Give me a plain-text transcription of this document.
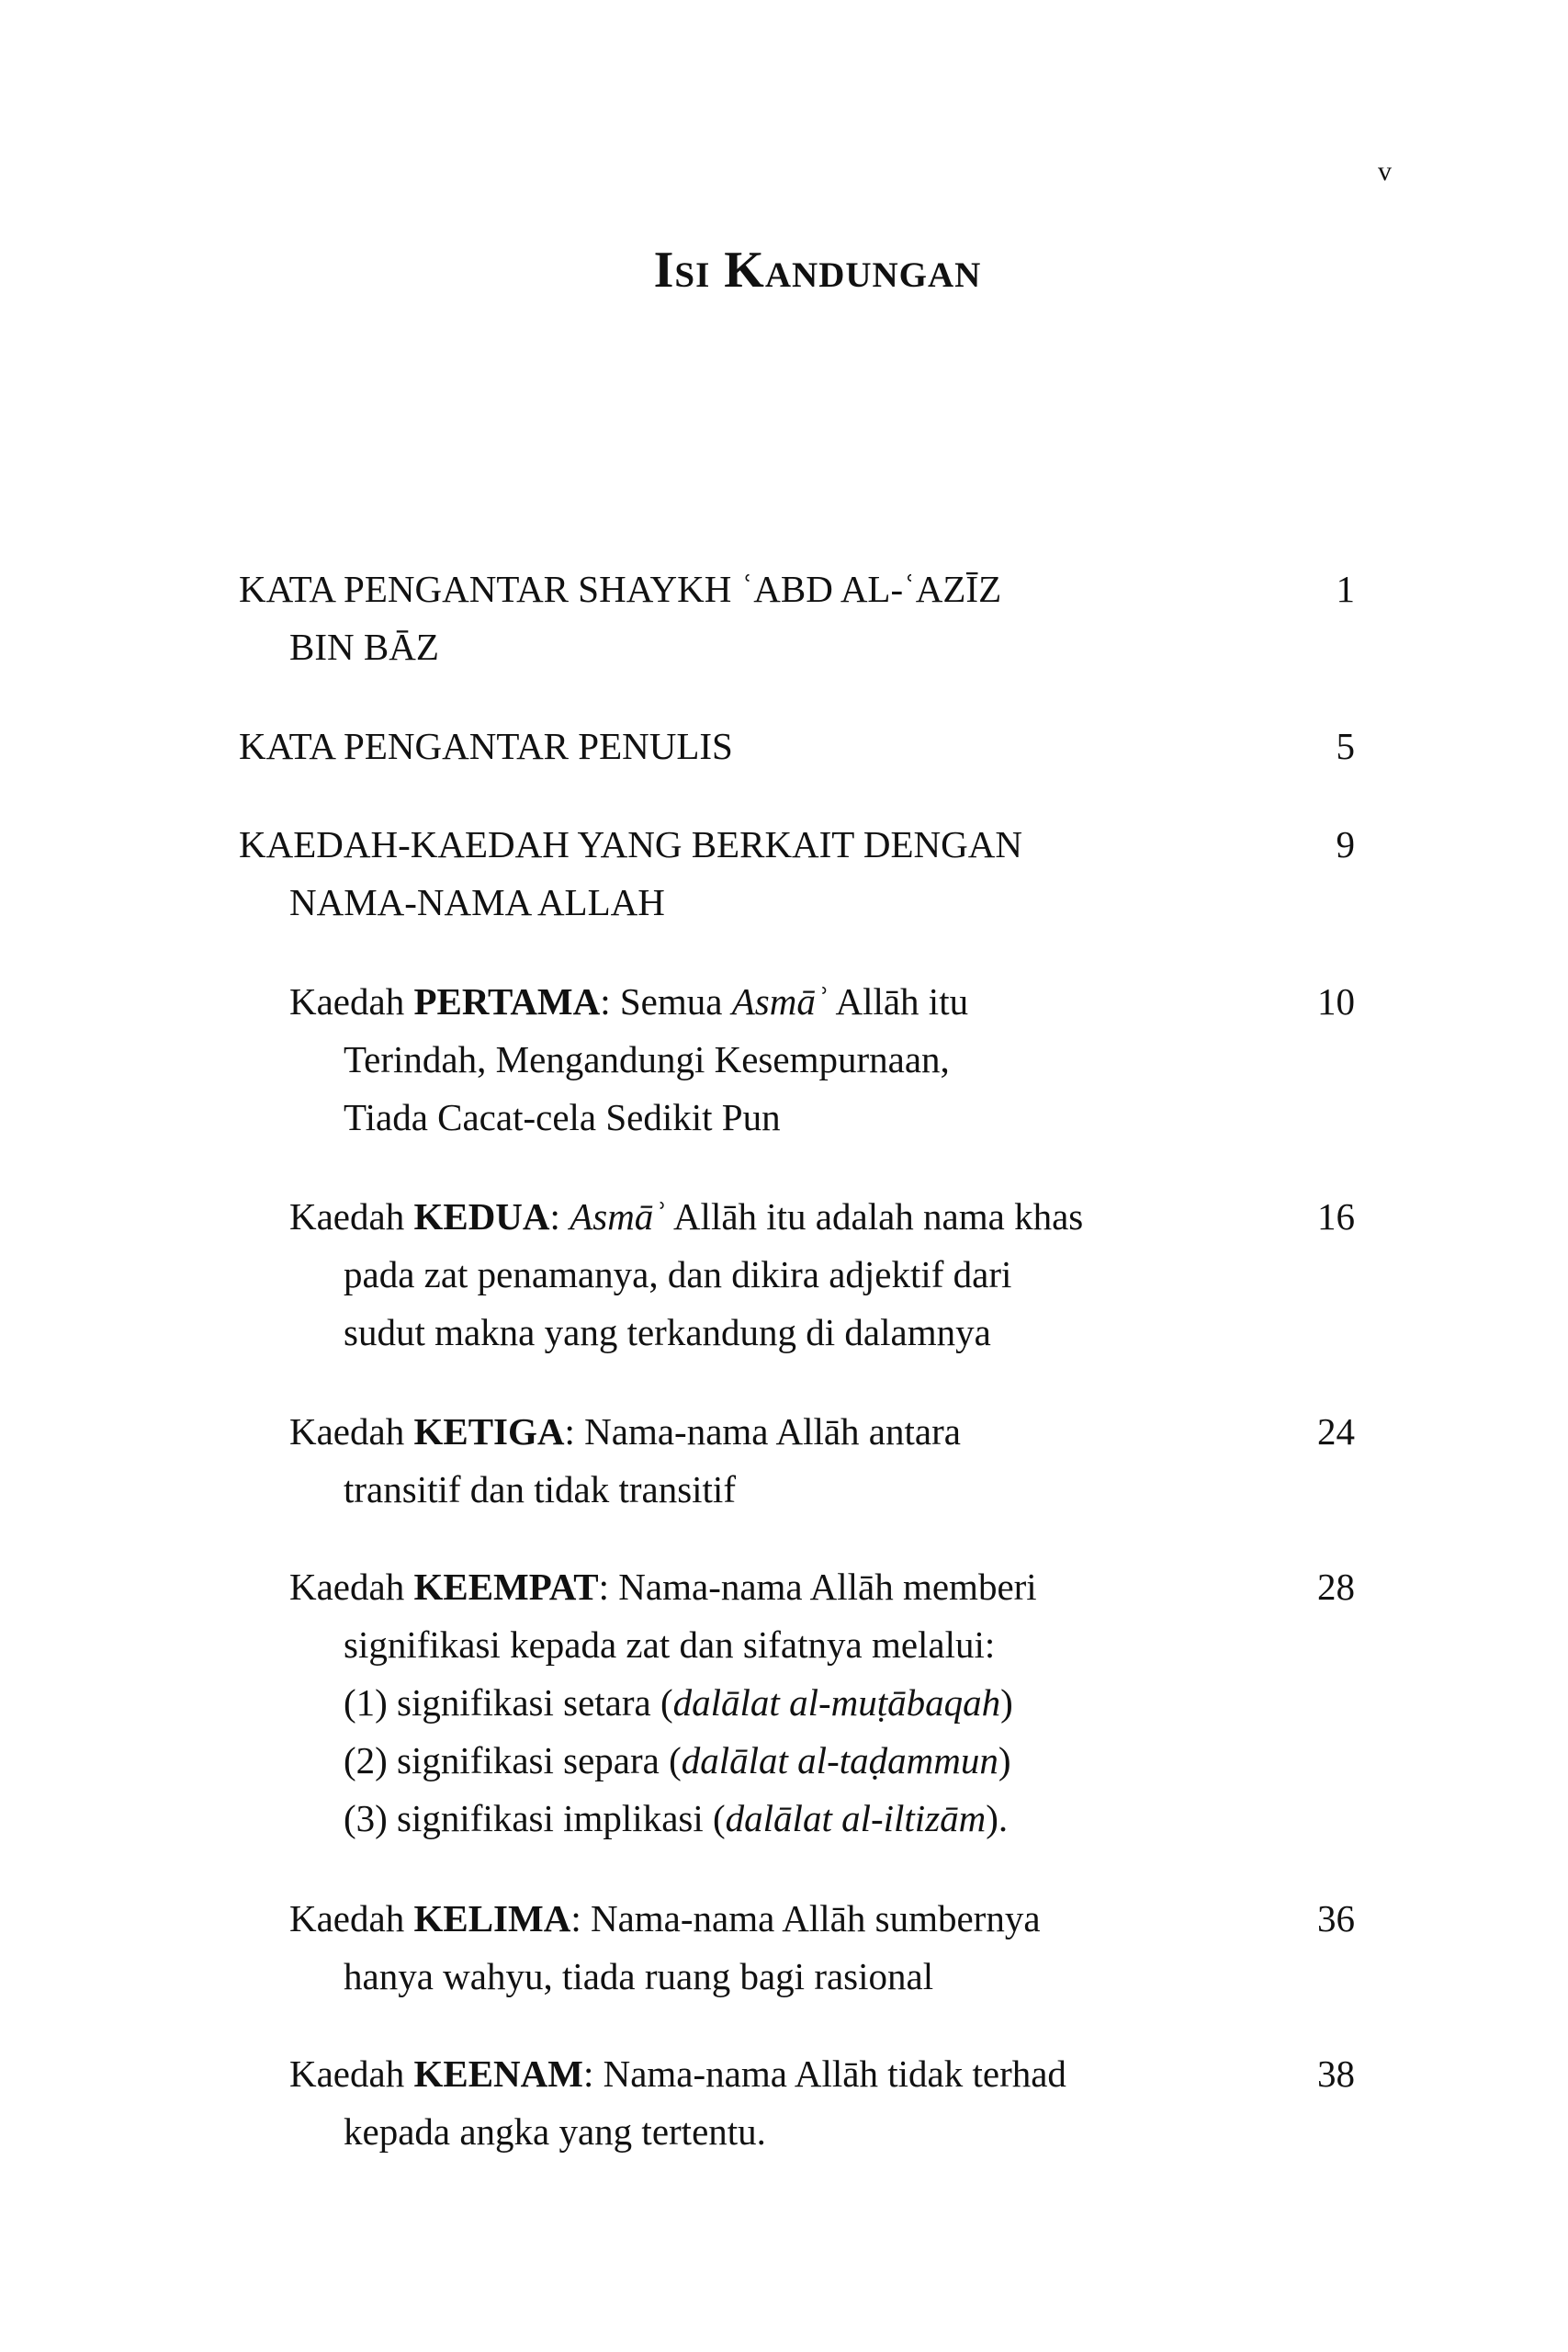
v
Isi Kandungan
KATA PENGANTAR SHAYKH ʿABD AL-ʿAZĪZ
BIN BĀZ
1
KATA PENGANTAR PENULIS	5
KAEDAH-KAEDAH YANG BERKAIT DENGAN
NAMA-NAMA ALLAH
9
Kaedah PERTAMA: Semua Asmāʾ Allāh itu
Terindah, Mengandungi Kesempurnaan,
Tiada Cacat-cela Sedikit Pun
10
Kaedah KEDUA: Asmāʾ Allāh itu adalah nama khas
pada zat penamanya, dan dikira adjektif dari
sudut makna yang terkandung di dalamnya
16
Kaedah KETIGA: Nama-nama Allāh antara
transitif dan tidak transitif
24
Kaedah KEEMPAT: Nama-nama Allāh memberi
signifikasi kepada zat dan sifatnya melalui:
(1) signifikasi setara (dalālat al-muṭābaqah)
(2) signifikasi separa (dalālat al-taḍammun)
(3) signifikasi implikasi (dalālat al-iltizām).
28
Kaedah KELIMA: Nama-nama Allāh sumbernya
hanya wahyu, tiada ruang bagi rasional
36
Kaedah KEENAM: Nama-nama Allāh tidak terhad
kepada angka yang tertentu.
38
